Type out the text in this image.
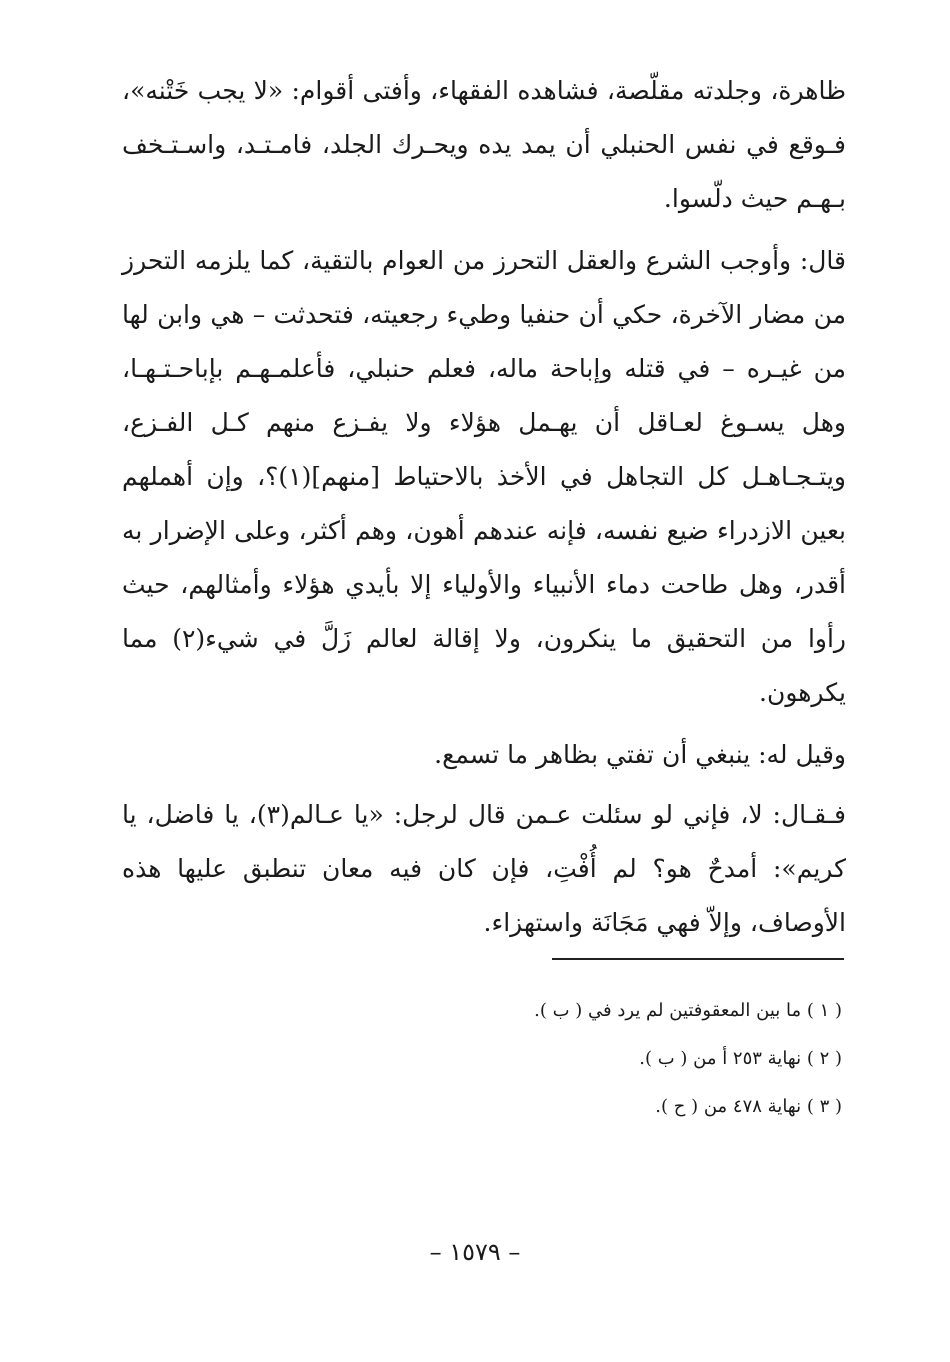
ظاهرة، وجلدته مقلّصة، فشاهده الفقهاء، وأفتى أقوام: «لا يجب خَتْنه»، فـوقع في نفس الحنبلي أن يمد يده ويحـرك الجلد، فامـتـد، واسـتـخف بـهـم حيث دلّسوا.

قال: وأوجب الشرع والعقل التحرز من العوام بالتقية، كما يلزمه التحرز من مضار الآخرة، حكي أن حنفيا وطيء رجعيته، فتحدثت – هي وابن لها من غيـره – في قتله وإباحة ماله، فعلم حنبلي، فأعلمـهـم بإباحـتـهـا، وهل يسـوغ لعـاقل أن يهـمل هؤلاء ولا يفـزع منهم كـل الفـزع، ويتـجـاهـل كل التجاهل في الأخذ بالاحتياط [منهم](١)؟، وإن أهملهم بعين الازدراء ضيع نفسه، فإنه عندهم أهون، وهم أكثر، وعلى الإضرار به أقدر، وهل طاحت دماء الأنبياء والأولياء إلا بأيدي هؤلاء وأمثالهم، حيث رأوا من التحقيق ما ينكرون، ولا إقالة لعالم زَلَّ في شيء(٢) مما يكرهون.

وقيل له: ينبغي أن تفتي بظاهر ما تسمع.

فـقـال: لا، فإني لو سئلت عـمن قال لرجل: «يا عـالم(٣)، يا فاضل، يا كريم»: أمدحٌ هو؟ لم أُفْتِ، فإن كان فيه معان تنطبق عليها هذه الأوصاف، وإلاّ فهي مَجَانَة واستهزاء.

( ١ ) ما بين المعقوفتين لم يرد في ( ب ).
( ٢ ) نهاية ٢٥٣ أ من ( ب ).
( ٣ ) نهاية ٤٧٨ من ( ح ).
– ١٥٧٩ –
